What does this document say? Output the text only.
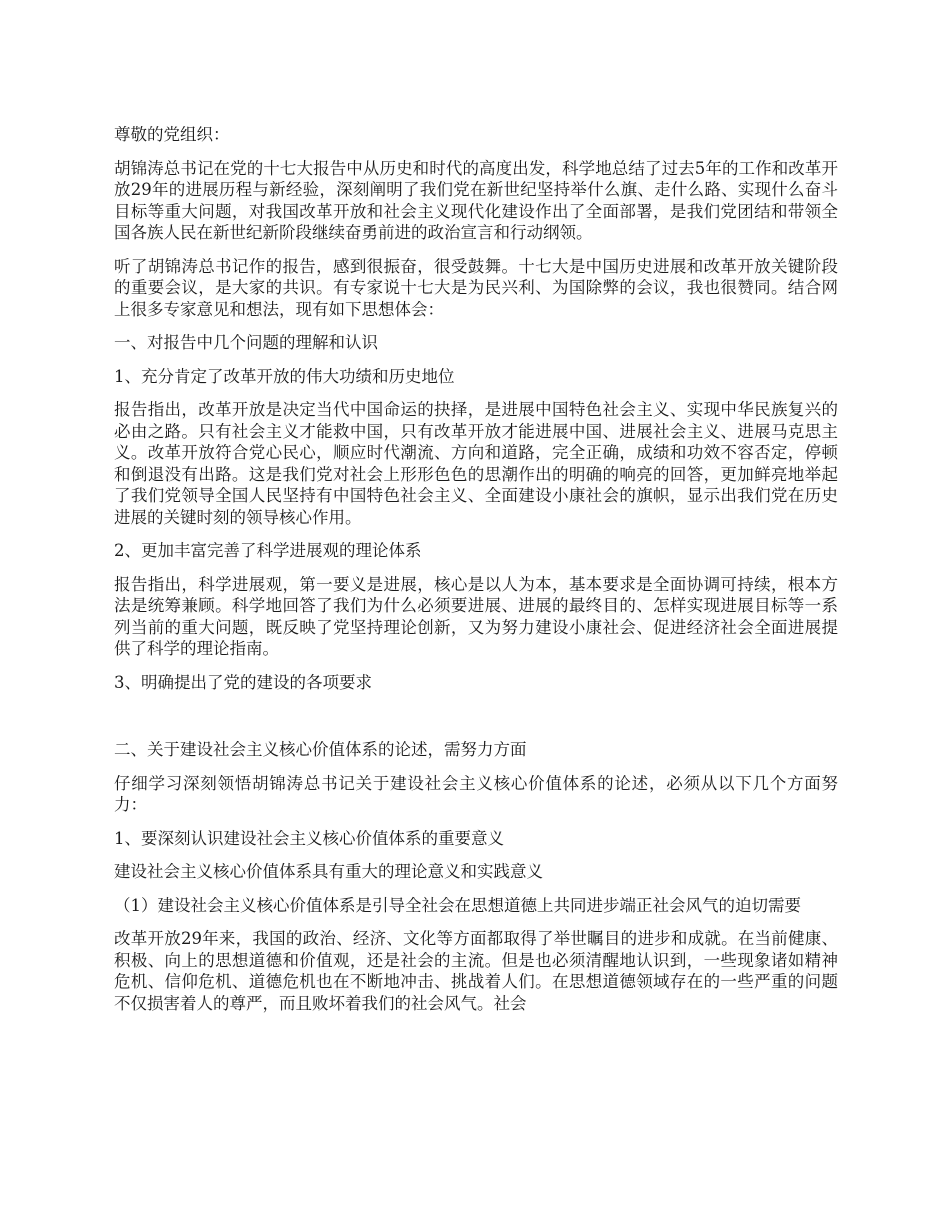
尊敬的党组织：

胡锦涛总书记在党的十七大报告中从历史和时代的高度出发，科学地总结了过去5年的工作和改革开放29年的进展历程与新经验，深刻阐明了我们党在新世纪坚持举什么旗、走什么路、实现什么奋斗目标等重大问题，对我国改革开放和社会主义现代化建设作出了全面部署，是我们党团结和带领全国各族人民在新世纪新阶段继续奋勇前进的政治宣言和行动纲领。

听了胡锦涛总书记作的报告，感到很振奋，很受鼓舞。十七大是中国历史进展和改革开放关键阶段的重要会议，是大家的共识。有专家说十七大是为民兴利、为国除弊的会议，我也很赞同。结合网上很多专家意见和想法，现有如下思想体会：

一、对报告中几个问题的理解和认识

1、充分肯定了改革开放的伟大功绩和历史地位

报告指出，改革开放是决定当代中国命运的抉择，是进展中国特色社会主义、实现中华民族复兴的必由之路。只有社会主义才能救中国，只有改革开放才能进展中国、进展社会主义、进展马克思主义。改革开放符合党心民心，顺应时代潮流、方向和道路，完全正确，成绩和功效不容否定，停顿和倒退没有出路。这是我们党对社会上形形色色的思潮作出的明确的响亮的回答，更加鲜亮地举起了我们党领导全国人民坚持有中国特色社会主义、全面建设小康社会的旗帜，显示出我们党在历史进展的关键时刻的领导核心作用。

2、更加丰富完善了科学进展观的理论体系

报告指出，科学进展观，第一要义是进展，核心是以人为本，基本要求是全面协调可持续，根本方法是统筹兼顾。科学地回答了我们为什么必须要进展、进展的最终目的、怎样实现进展目标等一系列当前的重大问题，既反映了党坚持理论创新，又为努力建设小康社会、促进经济社会全面进展提供了科学的理论指南。

3、明确提出了党的建设的各项要求

二、关于建设社会主义核心价值体系的论述，需努力方面

仔细学习深刻领悟胡锦涛总书记关于建设社会主义核心价值体系的论述，必须从以下几个方面努力：

1、要深刻认识建设社会主义核心价值体系的重要意义

建设社会主义核心价值体系具有重大的理论意义和实践意义

（1）建设社会主义核心价值体系是引导全社会在思想道德上共同进步端正社会风气的迫切需要

改革开放29年来，我国的政治、经济、文化等方面都取得了举世瞩目的进步和成就。在当前健康、积极、向上的思想道德和价值观，还是社会的主流。但是也必须清醒地认识到，一些现象诸如精神危机、信仰危机、道德危机也在不断地冲击、挑战着人们。在思想道德领域存在的一些严重的问题不仅损害着人的尊严，而且败坏着我们的社会风气。社会
